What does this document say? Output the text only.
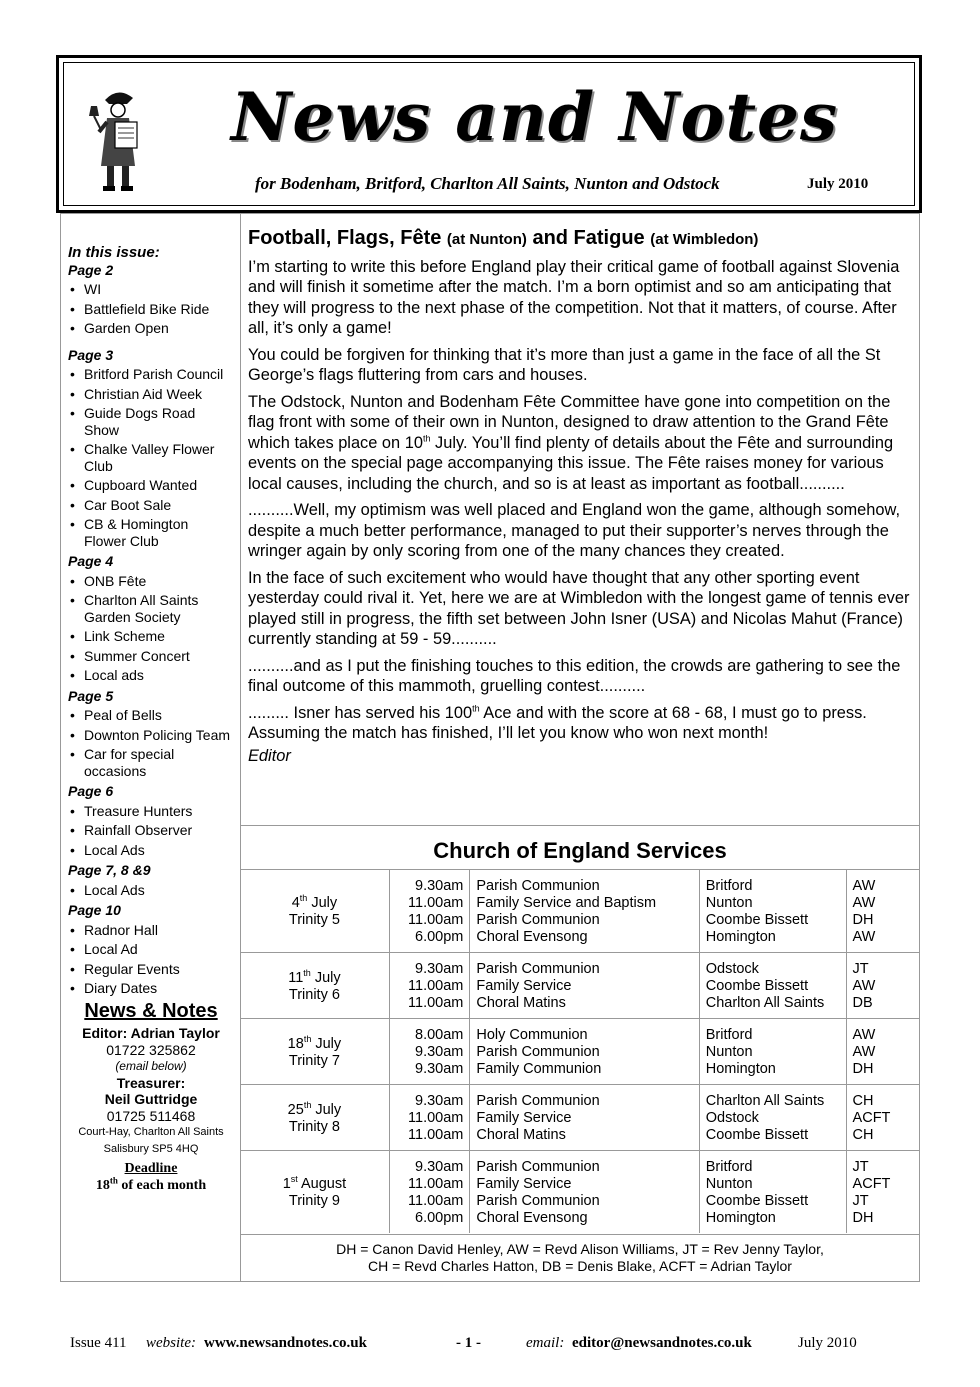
News and Notes
for Bodenham, Britford, Charlton All Saints, Nunton and Odstock	July 2010
In this issue:
Page 2
• WI
• Battlefield Bike Ride
• Garden Open
Page 3
• Britford Parish Council
• Christian Aid Week
• Guide Dogs Road Show
• Chalke Valley Flower Club
• Cupboard Wanted
• Car Boot Sale
• CB & Homington Flower Club
Page 4
• ONB Fête
• Charlton All Saints Garden Society
• Link Scheme
• Summer Concert
• Local ads
Page 5
• Peal of Bells
• Downton Policing Team
• Car for special occasions
Page 6
• Treasure Hunters
• Rainfall Observer
• Local Ads
Page 7, 8 &9
• Local Ads
Page 10
• Radnor Hall
• Local Ad
• Regular Events
• Diary Dates
News & Notes
Editor: Adrian Taylor
01722 325862
(email below)
Treasurer:
Neil Guttridge
01725 511468
Court-Hay, Charlton All Saints
Salisbury SP5 4HQ
Deadline
18th of each month
Football, Flags, Fête (at Nunton) and Fatigue (at Wimbledon)

I’m starting to write this before England play their critical game of football against Slovenia and will finish it sometime after the match. I’m a born optimist and so am anticipating that they will progress to the next phase of the competition. Not that it matters, of course. After all, it’s only a game!

You could be forgiven for thinking that it’s more than just a game in the face of all the St George’s flags fluttering from cars and houses.

The Odstock, Nunton and Bodenham Fête Committee have gone into competition on the flag front with some of their own in Nunton, designed to draw attention to the Grand Fête which takes place on 10th July. You’ll find plenty of details about the Fête and surrounding events on the special page accompanying this issue. The Fête raises money for various local causes, including the church, and so is at least as important as football..........

..........Well, my optimism was well placed and England won the game, although somehow, despite a much better performance, managed to put their supporter’s nerves through the wringer again by only scoring from one of the many chances they created.

In the face of such excitement who would have thought that any other sporting event yesterday could rival it. Yet, here we are at Wimbledon with the longest game of tennis ever played still in progress, the fifth set between John Isner (USA) and Nicolas Mahut (France) currently standing at 59 - 59..........

..........and as I put the finishing touches to this edition, the crowds are gathering to see the final outcome of this mammoth, gruelling contest..........

......... Isner has served his 100th Ace and with the score at 68 - 68, I must go to press. Assuming the match has finished, I’ll let you know who won next month!

Editor

Church of England Services
4th July
Trinity 5	9.30am
11.00am
11.00am
6.00pm	Parish Communion
Family Service and Baptism
Parish Communion
Choral Evensong	Britford
Nunton
Coombe Bissett
Homington	AW
AW
DH
AW

11th July
Trinity 6	9.30am
11.00am
11.00am	Parish Communion
Family Service
Choral Matins	Odstock
Coombe Bissett
Charlton All Saints	JT
AW
DB

18th July
Trinity 7	8.00am
9.30am
9.30am	Holy Communion
Parish Communion
Family Communion	Britford
Nunton
Homington	AW
AW
DH

25th July
Trinity 8	9.30am
11.00am
11.00am	Parish Communion
Family Service
Choral Matins	Charlton All Saints
Odstock
Coombe Bissett	CH
ACFT
CH

1st August
Trinity 9	9.30am
11.00am
11.00am
6.00pm	Parish Communion
Family Service
Parish Communion
Choral Evensong	Britford
Nunton
Coombe Bissett
Homington	JT
ACFT
JT
DH
DH = Canon David Henley, AW = Revd Alison Williams, JT = Rev Jenny Taylor,
CH = Revd Charles Hatton, DB = Denis Blake, ACFT = Adrian Taylor
Issue 411 website: www.newsandnotes.co.uk	- 1 -	email: editor@newsandnotes.co.uk	July 2010
